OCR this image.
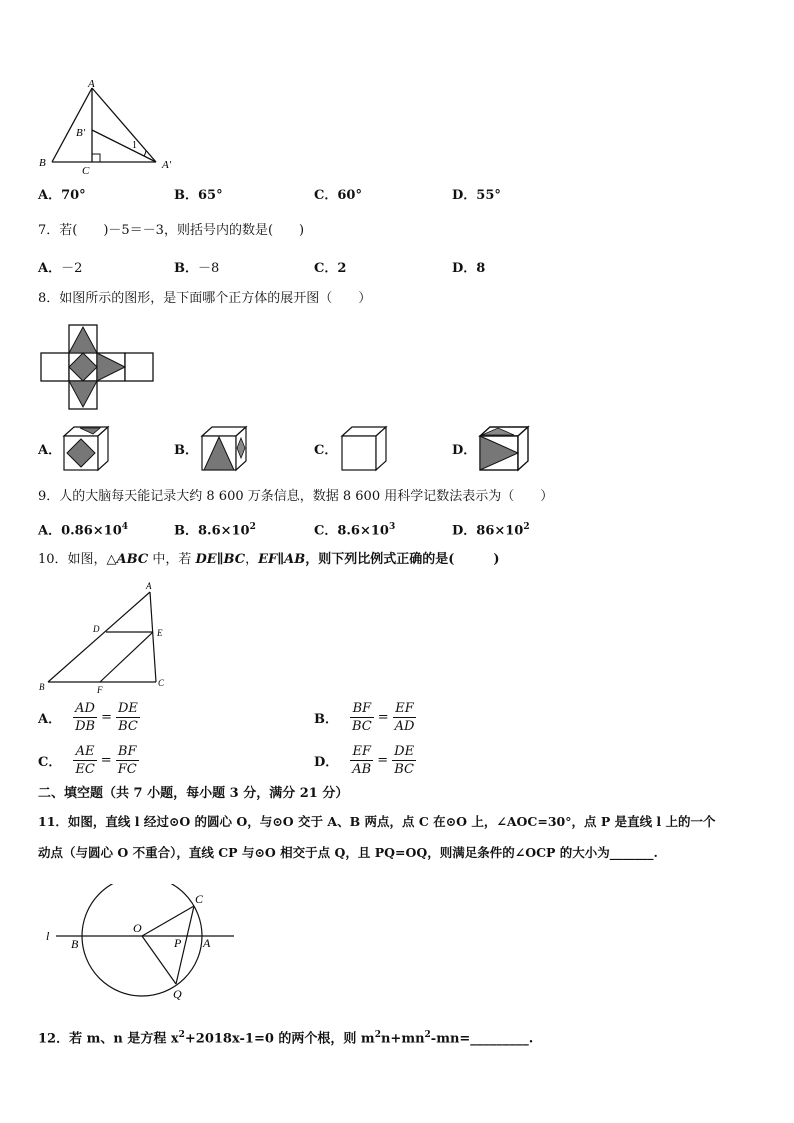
A
B
C
B′
A′
1
A．70°	B．65°	C．60°	D．55°
7．若(　　)－5＝－3，则括号内的数是(　　)
A．－2	B．－8	C．2	D．8
8．如图所示的图形，是下面哪个正方体的展开图（　　）
A．	B．	C．	D．
9．人的大脑每天能记录大约 8 600 万条信息，数据 8 600 用科学记数法表示为（　　）
A．$0.86\times 10^4$	B．$8.6\times 10^2$	C．$8.6\times 10^3$	D．$86\times 10^2$
10．如图，△ABC 中，若 DE∥BC，EF∥AB，则下列比例式正确的是(　　　)
A
B	C
D	E
F
A． $\frac{AD}{DB} = \frac{DE}{BC}$	B． $\frac{BF}{BC} = \frac{EF}{AD}$
C． $\frac{AE}{EC} = \frac{BF}{FC}$	D． $\frac{EF}{AB} = \frac{DE}{BC}$
二、填空题（共 7 小题，每小题 3 分，满分 21 分）
11．如图，直线 l 经过⊙O 的圆心 O，与⊙O 交于 A、B 两点，点 C 在⊙O 上，∠AOC=30°，点 P 是直线 l 上的一个
动点（与圆心 O 不重合），直线 CP 与⊙O 相交于点 Q，且 PQ=OQ，则满足条件的∠OCP 的大小为_______.
l
B
O
P A
C
Q
12．若 m、n 是方程 $x^2+2018x-1=0$ 的两个根，则 $m^2n+mn^2-mn=\_\_\_\_\_\_\_\_\_$.
